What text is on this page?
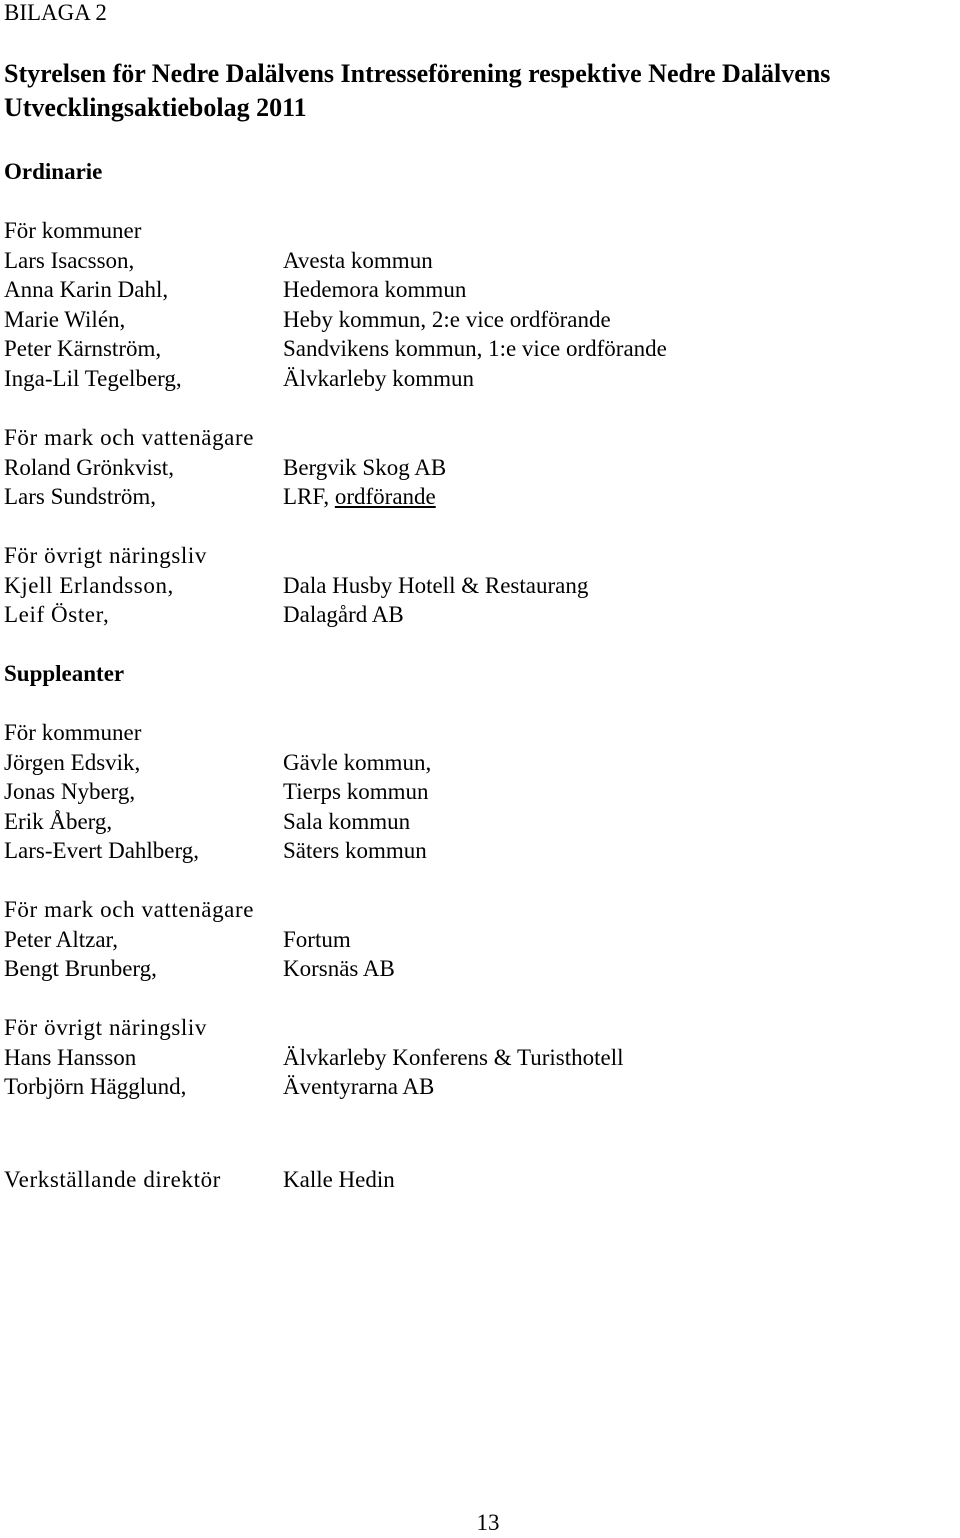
BILAGA 2
Styrelsen för Nedre Dalälvens Intresseförening respektive Nedre Dalälvens Utvecklingsaktiebolag 2011
Ordinarie
För kommuner
Lars Isacsson,	Avesta kommun
Anna Karin Dahl,	Hedemora kommun
Marie Wilén,	Heby kommun, 2:e vice ordförande
Peter Kärnström,	Sandvikens kommun, 1:e vice ordförande
Inga-Lil Tegelberg,	Älvkarleby kommun
För mark och vattenägare
Roland Grönkvist,	Bergvik Skog AB
Lars Sundström,	LRF, ordförande
För övrigt näringsliv
Kjell Erlandsson,	Dala Husby Hotell & Restaurang
Leif Öster,	Dalagård AB
Suppleanter
För kommuner
Jörgen Edsvik,	Gävle kommun,
Jonas Nyberg,	Tierps kommun
Erik Åberg,	Sala kommun
Lars-Evert Dahlberg,	Säters kommun
För mark och vattenägare
Peter Altzar,	Fortum
Bengt Brunberg,	Korsnäs AB
För övrigt näringsliv
Hans Hansson	Älvkarleby Konferens & Turisthotell
Torbjörn Hägglund,	Äventyrarna AB
Verkställande direktör	Kalle Hedin
13
